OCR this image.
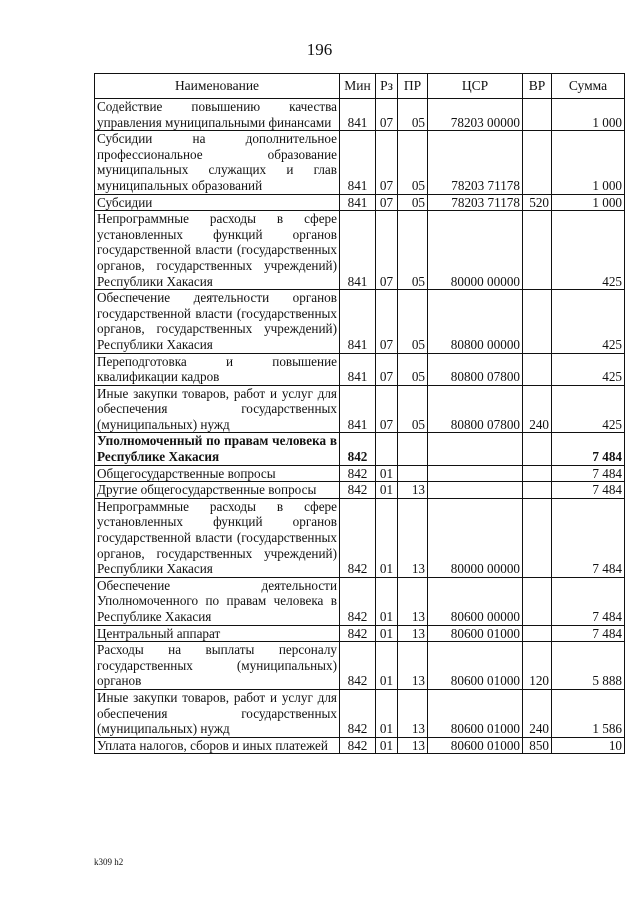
196
Наименование	Мин	Рз	ПР	ЦСР	ВР	Сумма
Содействие повышению качества управления муниципальными финансами	841	07	05	78203 00000		1 000
Субсидии на дополнительное профессиональное образование муниципальных служащих и глав муниципальных образований	841	07	05	78203 71178		1 000
Субсидии	841	07	05	78203 71178	520	1 000
Непрограммные расходы в сфере установленных функций органов государственной власти (государственных органов, государственных учреждений) Республики Хакасия	841	07	05	80000 00000		425
Обеспечение деятельности органов государственной власти (государственных органов, государственных учреждений) Республики Хакасия	841	07	05	80800 00000		425
Переподготовка и повышение квалификации кадров	841	07	05	80800 07800		425
Иные закупки товаров, работ и услуг для обеспечения государственных (муниципальных) нужд	841	07	05	80800 07800	240	425
Уполномоченный по правам человека в Республике Хакасия	842					7 484
Общегосударственные вопросы	842	01				7 484
Другие общегосударственные вопросы	842	01	13			7 484
Непрограммные расходы в сфере установленных функций органов государственной власти (государственных органов, государственных учреждений) Республики Хакасия	842	01	13	80000 00000		7 484
Обеспечение деятельности Уполномоченного по правам человека в Республике Хакасия	842	01	13	80600 00000		7 484
Центральный аппарат	842	01	13	80600 01000		7 484
Расходы на выплаты персоналу государственных (муниципальных) органов	842	01	13	80600 01000	120	5 888
Иные закупки товаров, работ и услуг для обеспечения государственных (муниципальных) нужд	842	01	13	80600 01000	240	1 586
Уплата налогов, сборов и иных платежей	842	01	13	80600 01000	850	10
k309 h2
